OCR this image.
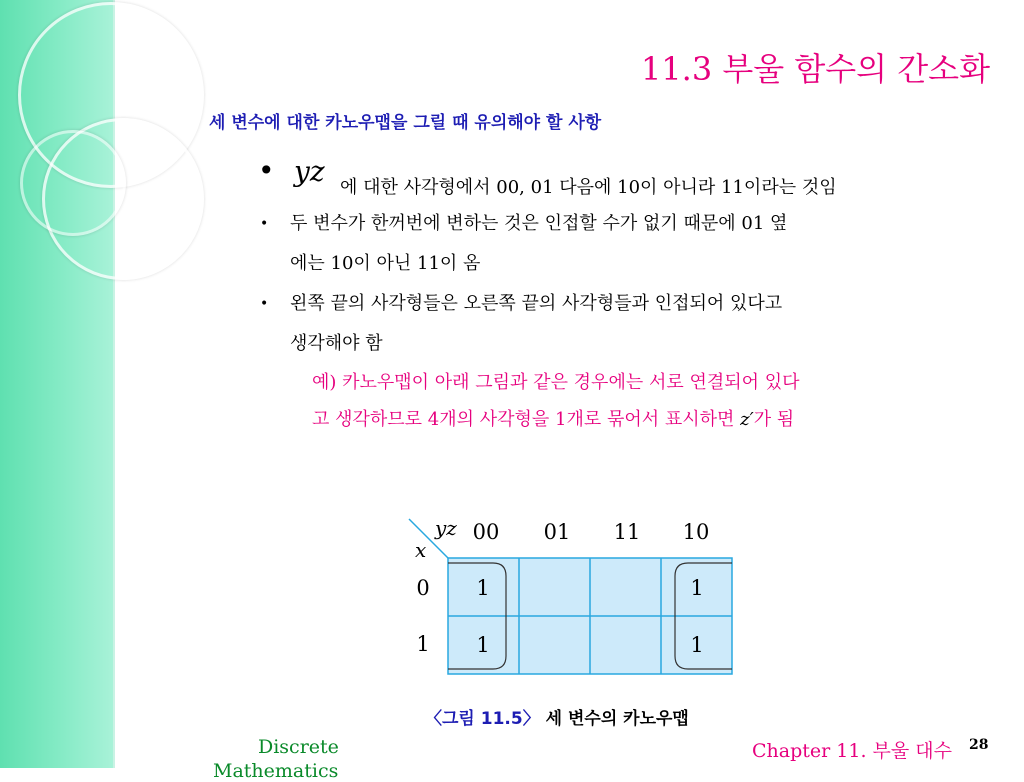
11.3 부울 함수의 간소화
세 변수에 대한 카노우맵을 그릴 때 유의해야 할 사항
• yz 에 대한 사각형에서 00, 01 다음에 10이 아니라 11이라는 것임
• 두 변수가 한꺼번에 변하는 것은 인접할 수가 없기 때문에 01 옆
에는 10이 아닌 11이 옴
• 왼쪽 끝의 사각형들은 오른쪽 끝의 사각형들과 인접되어 있다고
생각해야 함
예) 카노우맵이 아래 그림과 같은 경우에는 서로 연결되어 있다
고 생각하므로 4개의 사각형을 1개로 묶어서 표시하면 z′가 됨
yz
x
00 01 11 10
0
1
1	1
1	1
〈그림 11.5〉 세 변수의 카노우맵
Discrete
Mathematics
Chapter 11. 부울 대수 28
